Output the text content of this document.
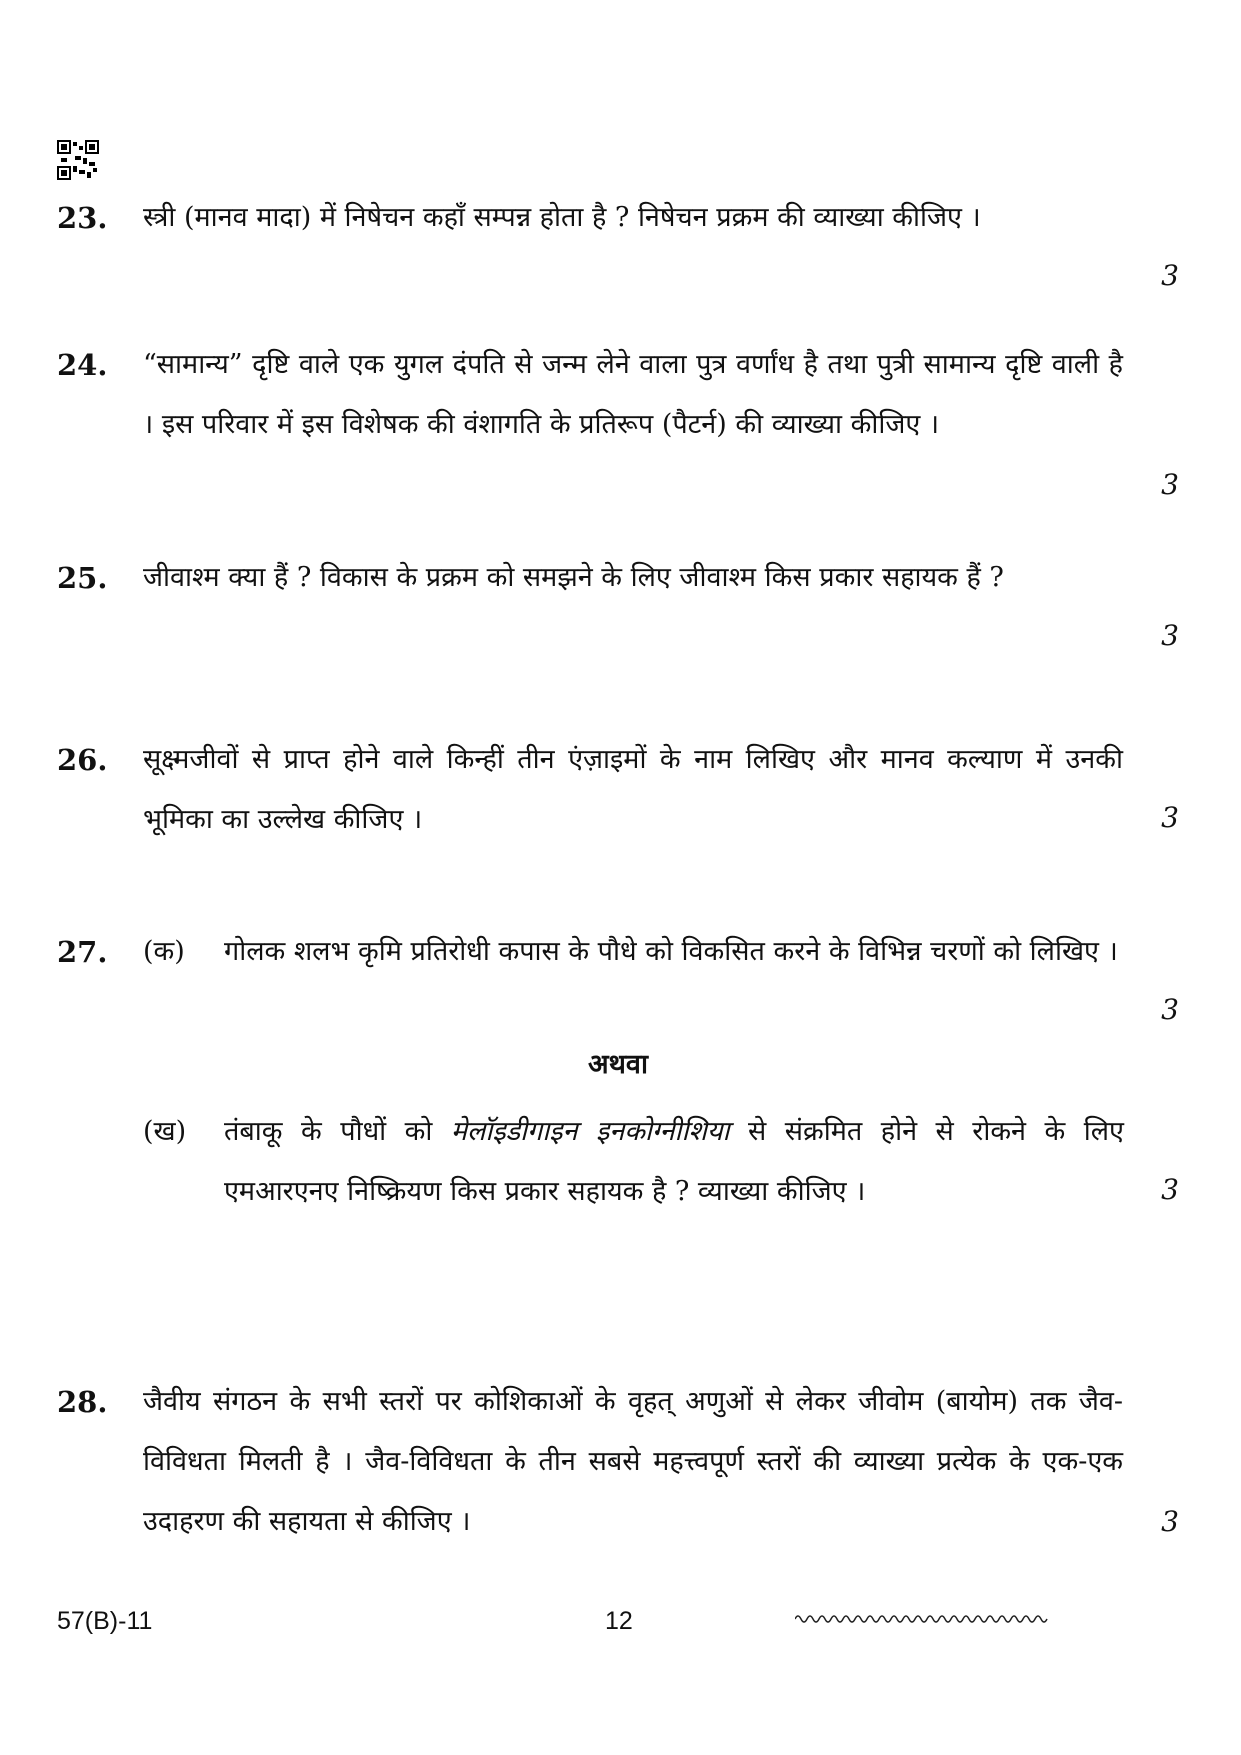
23. स्त्री (मानव मादा) में निषेचन कहाँ सम्पन्न होता है ? निषेचन प्रक्रम की व्याख्या कीजिए ।
3
24. “सामान्य” दृष्टि वाले एक युगल दंपति से जन्म लेने वाला पुत्र वर्णांध है तथा पुत्री सामान्य दृष्टि वाली है । इस परिवार में इस विशेषक की वंशागति के प्रतिरूप (पैटर्न) की व्याख्या कीजिए ।
3
25. जीवाश्म क्या हैं ? विकास के प्रक्रम को समझने के लिए जीवाश्म किस प्रकार सहायक हैं ?
3
26. सूक्ष्मजीवों से प्राप्त होने वाले किन्हीं तीन एंज़ाइमों के नाम लिखिए और मानव कल्याण में उनकी भूमिका का उल्लेख कीजिए ।	3
27. (क) गोलक शलभ कृमि प्रतिरोधी कपास के पौधे को विकसित करने के विभिन्न चरणों को लिखिए ।
3
अथवा
(ख) तंबाकू के पौधों को मेलॉइडीगाइन इनकोग्नीशिया से संक्रमित होने से रोकने के लिए एमआरएनए निष्क्रियण किस प्रकार सहायक है ? व्याख्या कीजिए ।	3
28. जैवीय संगठन के सभी स्तरों पर कोशिकाओं के वृहत् अणुओं से लेकर जीवोम (बायोम) तक जैव-विविधता मिलती है । जैव-विविधता के तीन सबसे महत्त्वपूर्ण स्तरों की व्याख्या प्रत्येक के एक-एक उदाहरण की सहायता से कीजिए ।	3
57(B)-11	12
